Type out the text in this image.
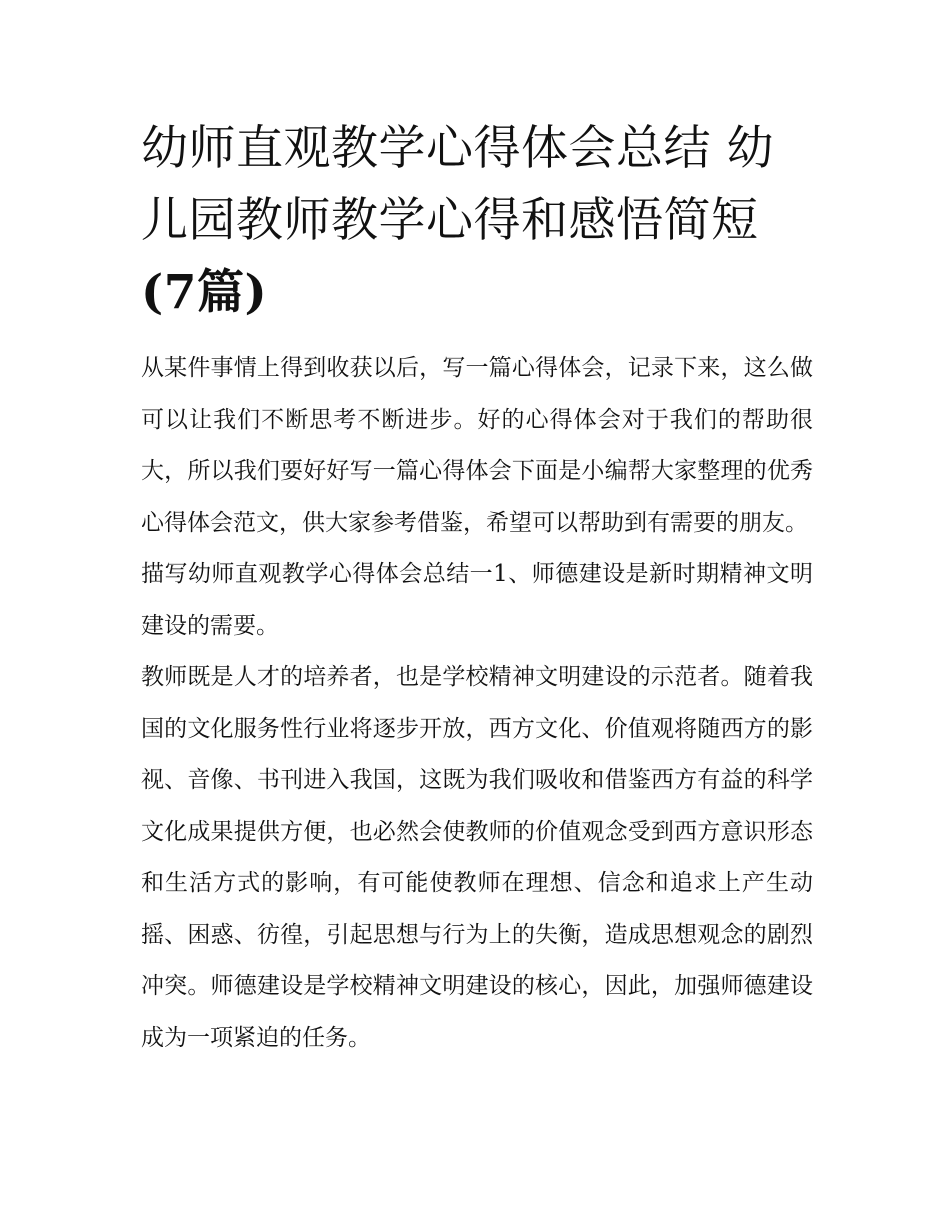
幼师直观教学心得体会总结 幼儿园教师教学心得和感悟简短
(7篇)

从某件事情上得到收获以后，写一篇心得体会，记录下来，这么做可以让我们不断思考不断进步。好的心得体会对于我们的帮助很大，所以我们要好好写一篇心得体会下面是小编帮大家整理的优秀心得体会范文，供大家参考借鉴，希望可以帮助到有需要的朋友。

描写幼师直观教学心得体会总结一1、师德建设是新时期精神文明建设的需要。

教师既是人才的培养者，也是学校精神文明建设的示范者。随着我国的文化服务性行业将逐步开放，西方文化、价值观将随西方的影视、音像、书刊进入我国，这既为我们吸收和借鉴西方有益的科学文化成果提供方便，也必然会使教师的价值观念受到西方意识形态和生活方式的影响，有可能使教师在理想、信念和追求上产生动摇、困惑、彷徨，引起思想与行为上的失衡，造成思想观念的剧烈冲突。师德建设是学校精神文明建设的核心，因此，加强师德建设成为一项紧迫的任务。
